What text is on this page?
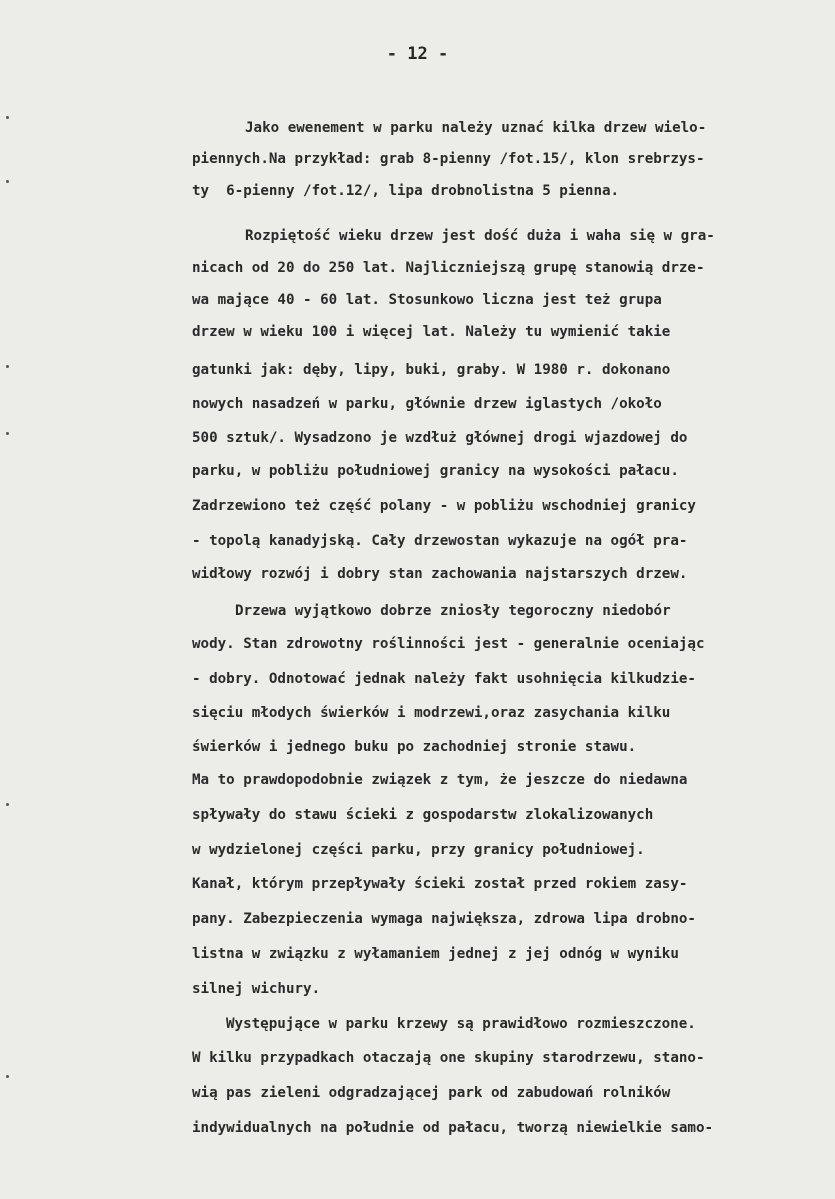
- 12 -
Jako ewenement w parku należy uznać kilka drzew wielo-
piennych.Na przykład: grab 8-pienny /fot.15/, klon srebrzys-
ty  6-pienny /fot.12/, lipa drobnolistna 5 pienna.
Rozpiętość wieku drzew jest dość duża i waha się w gra-
nicach od 20 do 250 lat. Najliczniejszą grupę stanowią drze-
wa mające 40 - 60 lat. Stosunkowo liczna jest też grupa
drzew w wieku 100 i więcej lat. Należy tu wymienić takie
gatunki jak: dęby, lipy, buki, graby. W 1980 r. dokonano
nowych nasadzeń w parku, głównie drzew iglastych /około
500 sztuk/. Wysadzono je wzdłuż głównej drogi wjazdowej do
parku, w pobliżu południowej granicy na wysokości pałacu.
Zadrzewiono też część polany - w pobliżu wschodniej granicy
- topolą kanadyjską. Cały drzewostan wykazuje na ogół pra-
widłowy rozwój i dobry stan zachowania najstarszych drzew.
Drzewa wyjątkowo dobrze zniosły tegoroczny niedobór
wody. Stan zdrowotny roślinności jest - generalnie oceniając
- dobry. Odnotować jednak należy fakt usohnięcia kilkudzie-
sięciu młodych świerków i modrzewi,oraz zasychania kilku
świerków i jednego buku po zachodniej stronie stawu.
Ma to prawdopodobnie związek z tym, że jeszcze do niedawna
spływały do stawu ścieki z gospodarstw zlokalizowanych
w wydzielonej części parku, przy granicy południowej.
Kanał, którym przepływały ścieki został przed rokiem zasy-
pany. Zabezpieczenia wymaga największa, zdrowa lipa drobno-
listna w związku z wyłamaniem jednej z jej odnóg w wyniku
silnej wichury.
Występujące w parku krzewy są prawidłowo rozmieszczone.
W kilku przypadkach otaczają one skupiny starodrzewu, stano-
wią pas zieleni odgradzającej park od zabudowań rolników
indywidualnych na południe od pałacu, tworzą niewielkie samo-
